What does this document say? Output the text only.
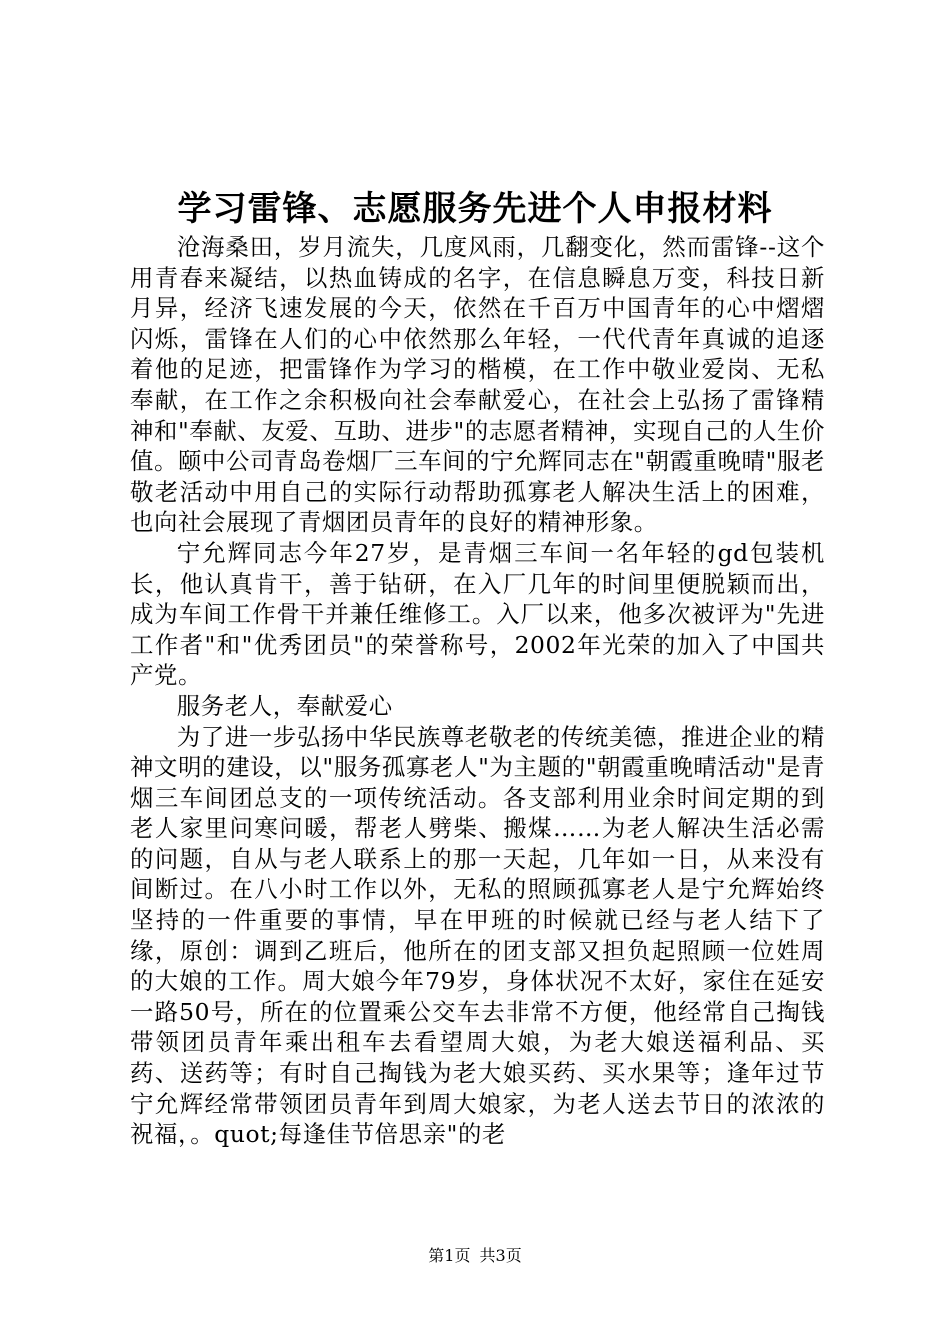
学习雷锋、志愿服务先进个人申报材料

沧海桑田，岁月流失，几度风雨，几翻变化，然而雷锋--这个用青春来凝结，以热血铸成的名字，在信息瞬息万变，科技日新月异，经济飞速发展的今天，依然在千百万中国青年的心中熠熠闪烁，雷锋在人们的心中依然那么年轻，一代代青年真诚的追逐着他的足迹，把雷锋作为学习的楷模，在工作中敬业爱岗、无私奉献，在工作之余积极向社会奉献爱心，在社会上弘扬了雷锋精神和"奉献、友爱、互助、进步"的志愿者精神，实现自己的人生价值。颐中公司青岛卷烟厂三车间的宁允辉同志在"朝霞重晚晴"服老敬老活动中用自己的实际行动帮助孤寡老人解决生活上的困难，也向社会展现了青烟团员青年的良好的精神形象。

宁允辉同志今年27岁，是青烟三车间一名年轻的gd包装机长，他认真肯干，善于钻研，在入厂几年的时间里便脱颖而出，成为车间工作骨干并兼任维修工。入厂以来，他多次被评为"先进工作者"和"优秀团员"的荣誉称号，2002年光荣的加入了中国共产党。

服务老人，奉献爱心

为了进一步弘扬中华民族尊老敬老的传统美德，推进企业的精神文明的建设，以"服务孤寡老人"为主题的"朝霞重晚晴活动"是青烟三车间团总支的一项传统活动。各支部利用业余时间定期的到老人家里问寒问暖，帮老人劈柴、搬煤……为老人解决生活必需的问题，自从与老人联系上的那一天起，几年如一日，从来没有间断过。在八小时工作以外，无私的照顾孤寡老人是宁允辉始终坚持的一件重要的事情，早在甲班的时候就已经与老人结下了缘，原创：调到乙班后，他所在的团支部又担负起照顾一位姓周的大娘的工作。周大娘今年79岁，身体状况不太好，家住在延安一路50号，所在的位置乘公交车去非常不方便，他经常自己掏钱带领团员青年乘出租车去看望周大娘，为老大娘送福利品、买药、送药等；有时自己掏钱为老大娘买药、买水果等；逢年过节宁允辉经常带领团员青年到周大娘家，为老人送去节日的浓浓的祝福，。quot;每逢佳节倍思亲"的老

第1页 共3页
